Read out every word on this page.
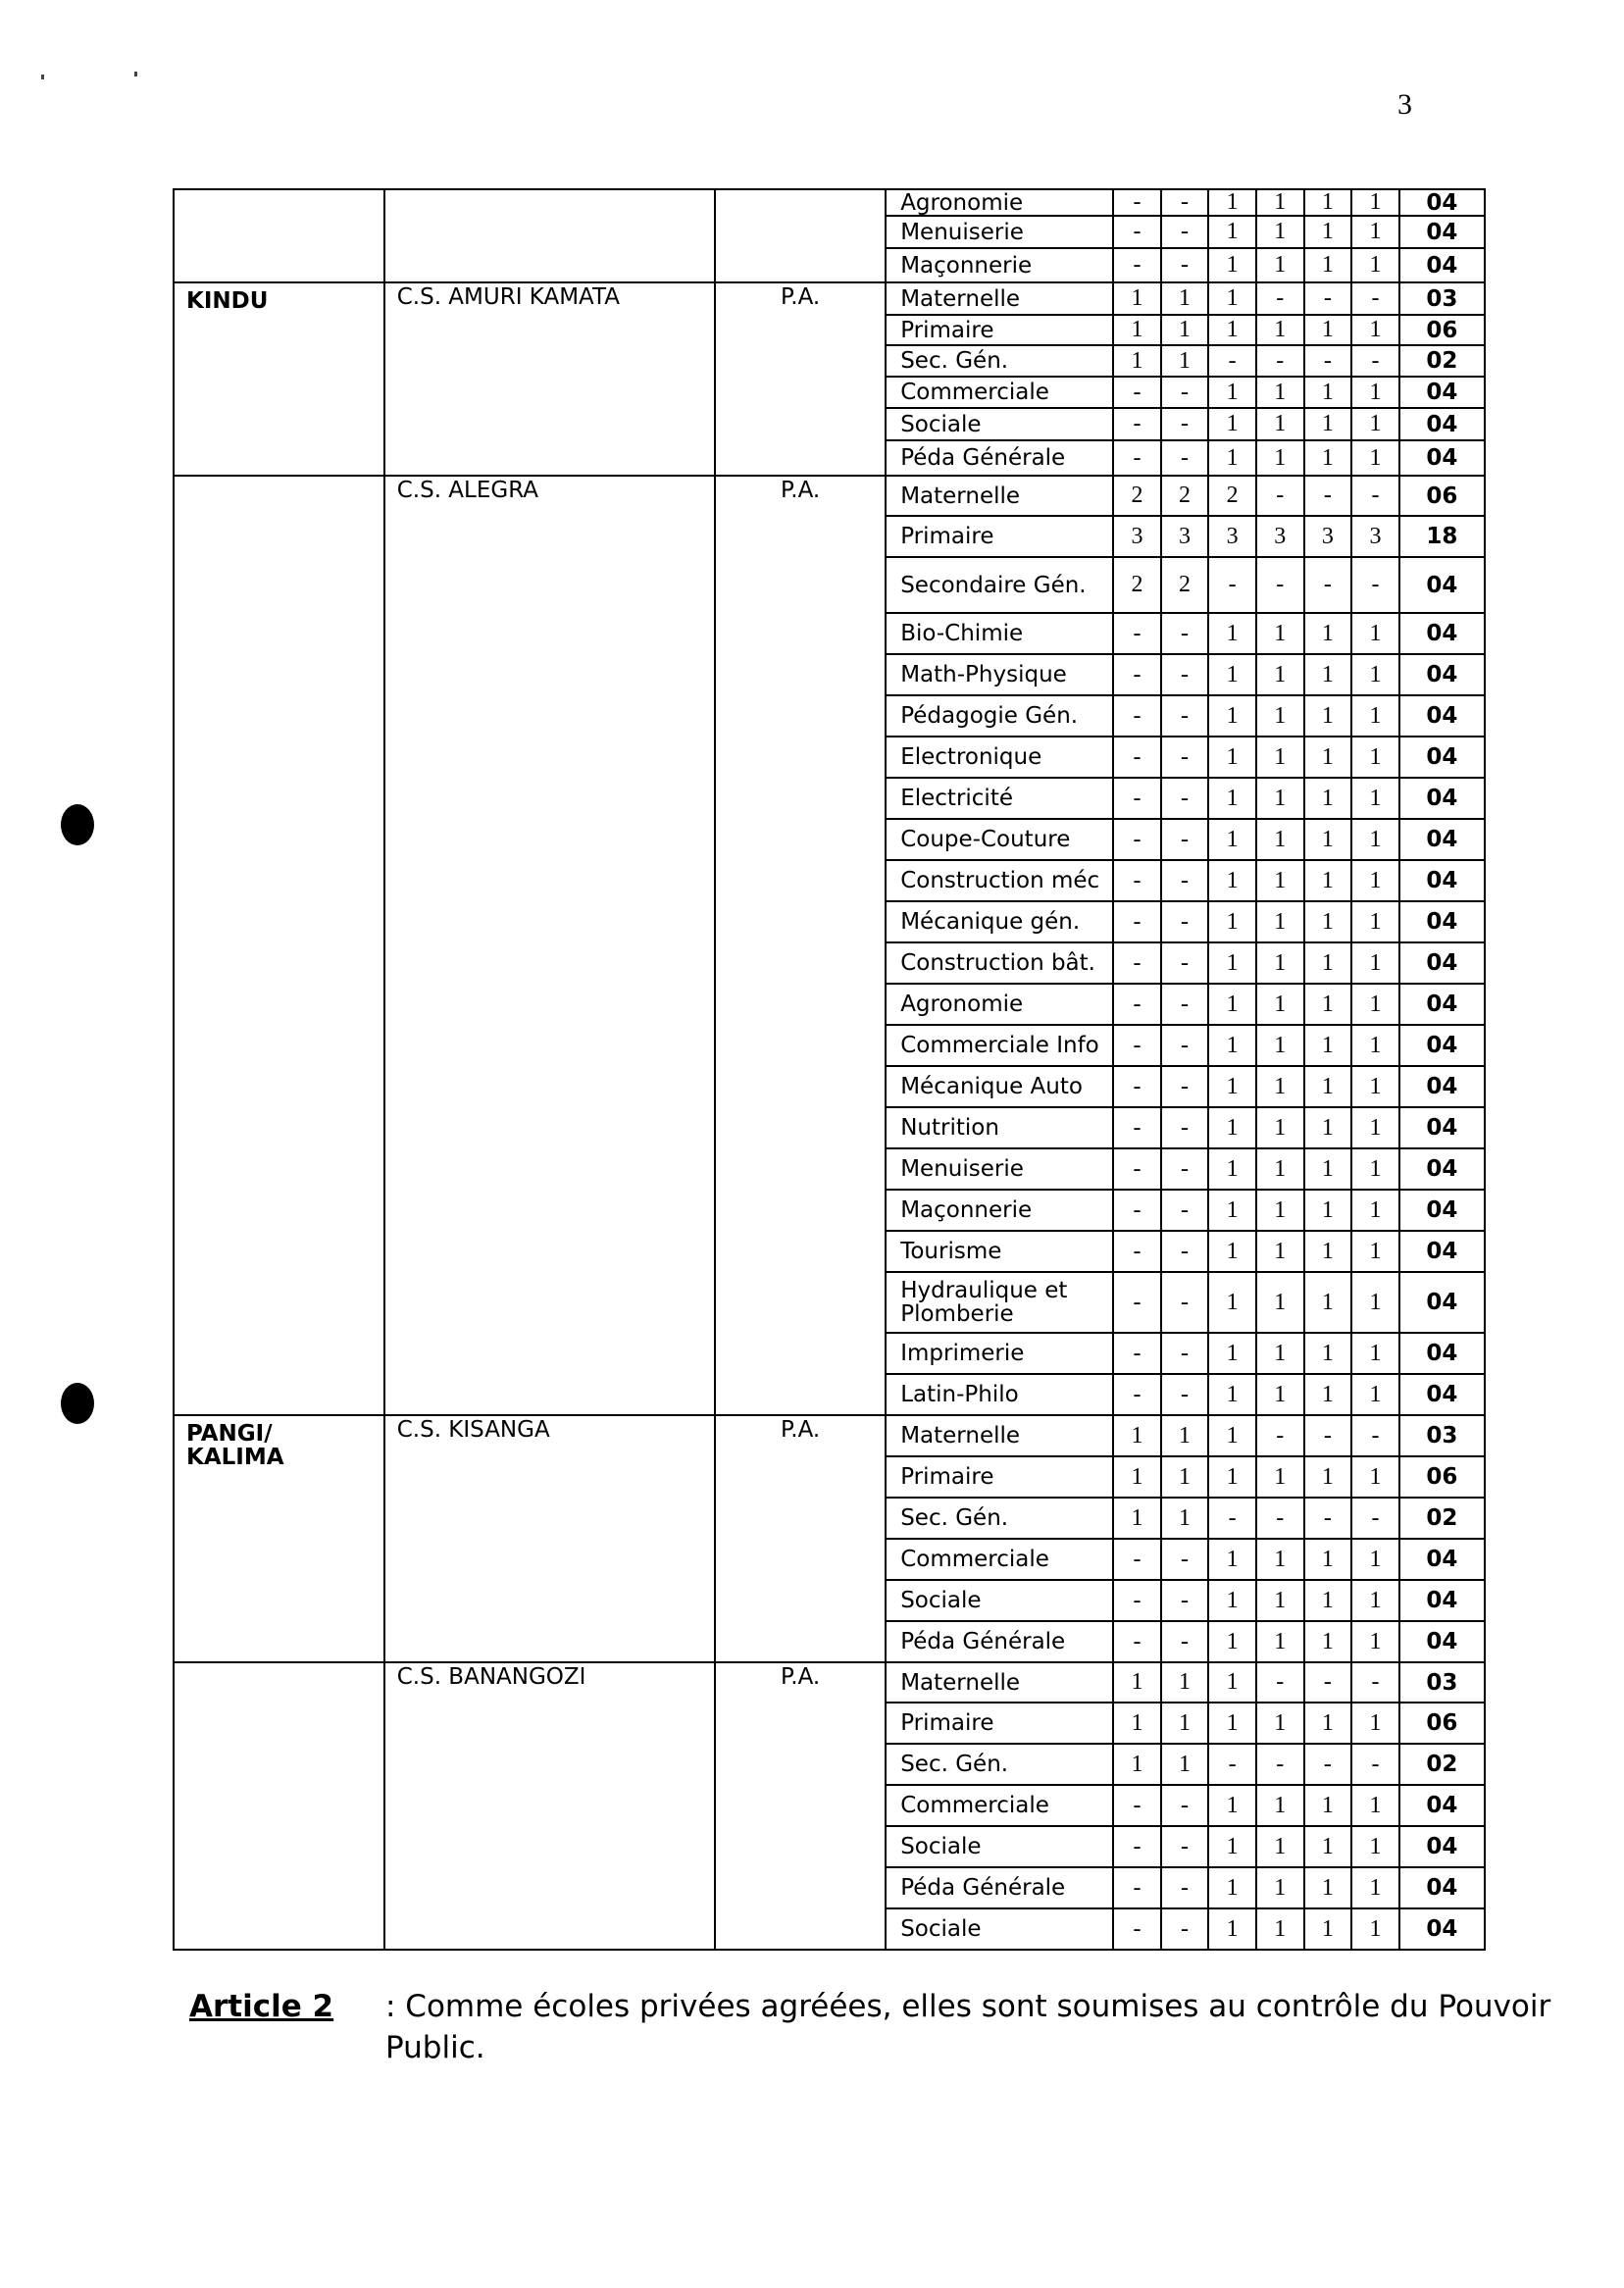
3
			Agronomie	-	-	1	1	1	1	04
			Menuiserie	-	-	1	1	1	1	04
			Maçonnerie	-	-	1	1	1	1	04
KINDU	C.S. AMURI KAMATA	P.A.	Maternelle	1	1	1	-	-	-	03
			Primaire	1	1	1	1	1	1	06
			Sec. Gén.	1	1	-	-	-	-	02
			Commerciale	-	-	1	1	1	1	04
			Sociale	-	-	1	1	1	1	04
			Péda Générale	-	-	1	1	1	1	04
	C.S. ALEGRA	P.A.	Maternelle	2	2	2	-	-	-	06
			Primaire	3	3	3	3	3	3	18
			Secondaire Gén.	2	2	-	-	-	-	04
			Bio-Chimie	-	-	1	1	1	1	04
			Math-Physique	-	-	1	1	1	1	04
			Pédagogie Gén.	-	-	1	1	1	1	04
			Electronique	-	-	1	1	1	1	04
			Electricité	-	-	1	1	1	1	04
			Coupe-Couture	-	-	1	1	1	1	04
			Construction méc	-	-	1	1	1	1	04
			Mécanique gén.	-	-	1	1	1	1	04
			Construction bât.	-	-	1	1	1	1	04
			Agronomie	-	-	1	1	1	1	04
			Commerciale Info	-	-	1	1	1	1	04
			Mécanique Auto	-	-	1	1	1	1	04
			Nutrition	-	-	1	1	1	1	04
			Menuiserie	-	-	1	1	1	1	04
			Maçonnerie	-	-	1	1	1	1	04
			Tourisme	-	-	1	1	1	1	04
			Hydraulique et Plomberie	-	-	1	1	1	1	04
			Imprimerie	-	-	1	1	1	1	04
			Latin-Philo	-	-	1	1	1	1	04
PANGI/ KALIMA	C.S. KISANGA	P.A.	Maternelle	1	1	1	-	-	-	03
			Primaire	1	1	1	1	1	1	06
			Sec. Gén.	1	1	-	-	-	-	02
			Commerciale	-	-	1	1	1	1	04
			Sociale	-	-	1	1	1	1	04
			Péda Générale	-	-	1	1	1	1	04
	C.S. BANANGOZI	P.A.	Maternelle	1	1	1	-	-	-	03
			Primaire	1	1	1	1	1	1	06
			Sec. Gén.	1	1	-	-	-	-	02
			Commerciale	-	-	1	1	1	1	04
			Sociale	-	-	1	1	1	1	04
			Péda Générale	-	-	1	1	1	1	04
			Sociale	-	-	1	1	1	1	04
Article 2 : Comme écoles privées agréées, elles sont soumises au contrôle du Pouvoir Public.
